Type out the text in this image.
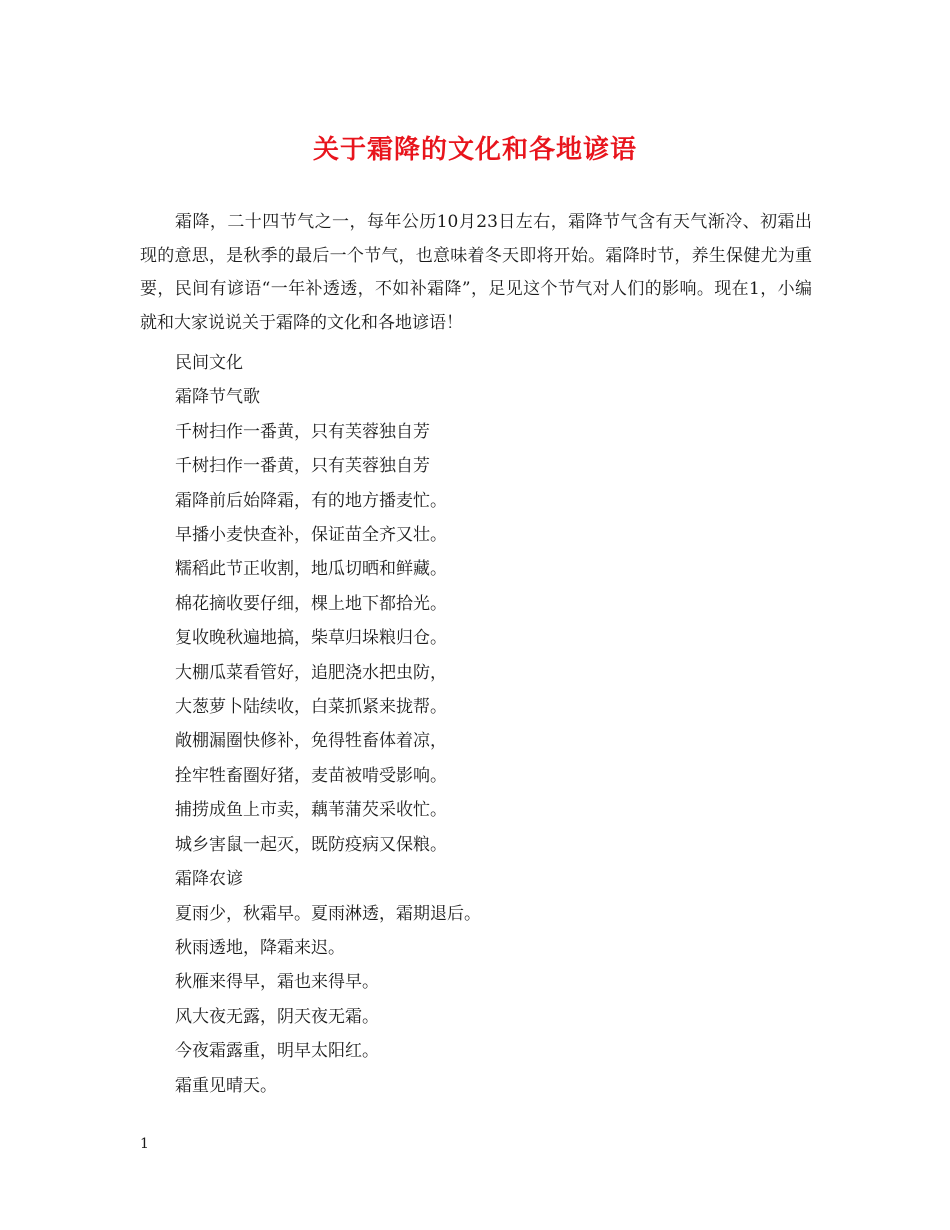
关于霜降的文化和各地谚语

霜降，二十四节气之一，每年公历10月23日左右，霜降节气含有天气渐冷、初霜出现的意思，是秋季的最后一个节气，也意味着冬天即将开始。霜降时节，养生保健尤为重要，民间有谚语“一年补透透，不如补霜降”，足见这个节气对人们的影响。现在1，小编就和大家说说关于霜降的文化和各地谚语！

民间文化
霜降节气歌
千树扫作一番黄，只有芙蓉独自芳
千树扫作一番黄，只有芙蓉独自芳
霜降前后始降霜，有的地方播麦忙。
早播小麦快查补，保证苗全齐又壮。
糯稻此节正收割，地瓜切晒和鲜藏。
棉花摘收要仔细，棵上地下都拾光。
复收晚秋遍地搞，柴草归垛粮归仓。
大棚瓜菜看管好，追肥浇水把虫防，
大葱萝卜陆续收，白菜抓紧来拢帮。
敞棚漏圈快修补，免得牲畜体着凉，
拴牢牲畜圈好猪，麦苗被啃受影响。
捕捞成鱼上市卖，藕苇蒲芡采收忙。
城乡害鼠一起灭，既防疫病又保粮。
霜降农谚
夏雨少，秋霜早。夏雨淋透，霜期退后。
秋雨透地，降霜来迟。
秋雁来得早，霜也来得早。
风大夜无露，阴天夜无霜。
今夜霜露重，明早太阳红。
霜重见晴天。
1
